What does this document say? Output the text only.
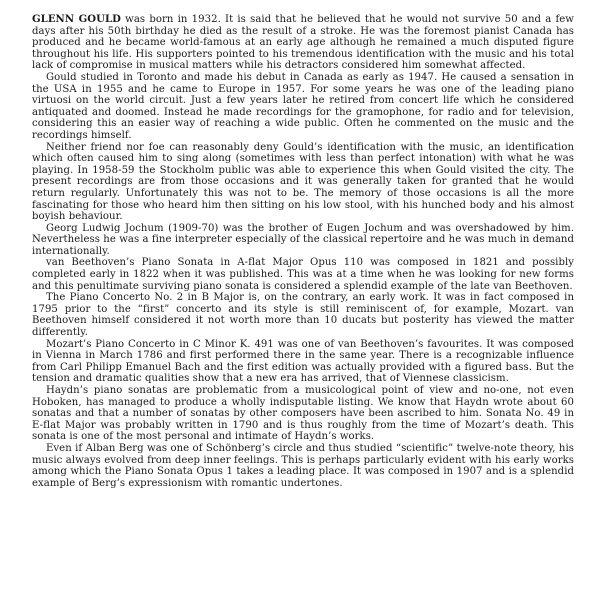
GLENN GOULD was born in 1932. It is said that he believed that he would not survive 50 and a few days after his 50th birthday he died as the result of a stroke. He was the foremost pianist Canada has produced and he became world-famous at an early age although he remained a much disputed figure throughout his life. His supporters pointed to his tremendous identification with the music and his total lack of compromise in musical matters while his detractors considered him somewhat affected.

Gould studied in Toronto and made his debut in Canada as early as 1947. He caused a sensation in the USA in 1955 and he came to Europe in 1957. For some years he was one of the leading piano virtuosi on the world circuit. Just a few years later he retired from concert life which he considered antiquated and doomed. Instead he made recordings for the gramophone, for radio and for television, considering this an easier way of reaching a wide public. Often he commented on the music and the recordings himself.

Neither friend nor foe can reasonably deny Gould’s identification with the music, an identification which often caused him to sing along (sometimes with less than perfect intonation) with what he was playing. In 1958-59 the Stockholm public was able to experience this when Gould visited the city. The present recordings are from those occasions and it was generally taken for granted that he would return regularly. Unfortunately this was not to be. The memory of those occasions is all the more fascinating for those who heard him then sitting on his low stool, with his hunched body and his almost boyish behaviour.

Georg Ludwig Jochum (1909-70) was the brother of Eugen Jochum and was overshadowed by him. Nevertheless he was a fine interpreter especially of the classical repertoire and he was much in demand internationally.

van Beethoven’s Piano Sonata in A-flat Major Opus 110 was composed in 1821 and possibly completed early in 1822 when it was published. This was at a time when he was looking for new forms and this penultimate surviving piano sonata is considered a splendid example of the late van Beethoven.

The Piano Concerto No. 2 in B Major is, on the contrary, an early work. It was in fact composed in 1795 prior to the “first” concerto and its style is still reminiscent of, for example, Mozart. van Beethoven himself considered it not worth more than 10 ducats but posterity has viewed the matter differently.

Mozart’s Piano Concerto in C Minor K. 491 was one of van Beethoven’s favourites. It was composed in Vienna in March 1786 and first performed there in the same year. There is a recognizable influence from Carl Philipp Emanuel Bach and the first edition was actually provided with a figured bass. But the tension and dramatic qualities show that a new era has arrived, that of Viennese classicism.

Haydn’s piano sonatas are problematic from a musicological point of view and no-one, not even Hoboken, has managed to produce a wholly indisputable listing. We know that Haydn wrote about 60 sonatas and that a number of sonatas by other composers have been ascribed to him. Sonata No. 49 in E-flat Major was probably written in 1790 and is thus roughly from the time of Mozart’s death. This sonata is one of the most personal and intimate of Haydn’s works.

Even if Alban Berg was one of Schönberg’s circle and thus studied “scientific” twelve-note theory, his music always evolved from deep inner feelings. This is perhaps particularly evident with his early works among which the Piano Sonata Opus 1 takes a leading place. It was composed in 1907 and is a splendid example of Berg’s expressionism with romantic undertones.
